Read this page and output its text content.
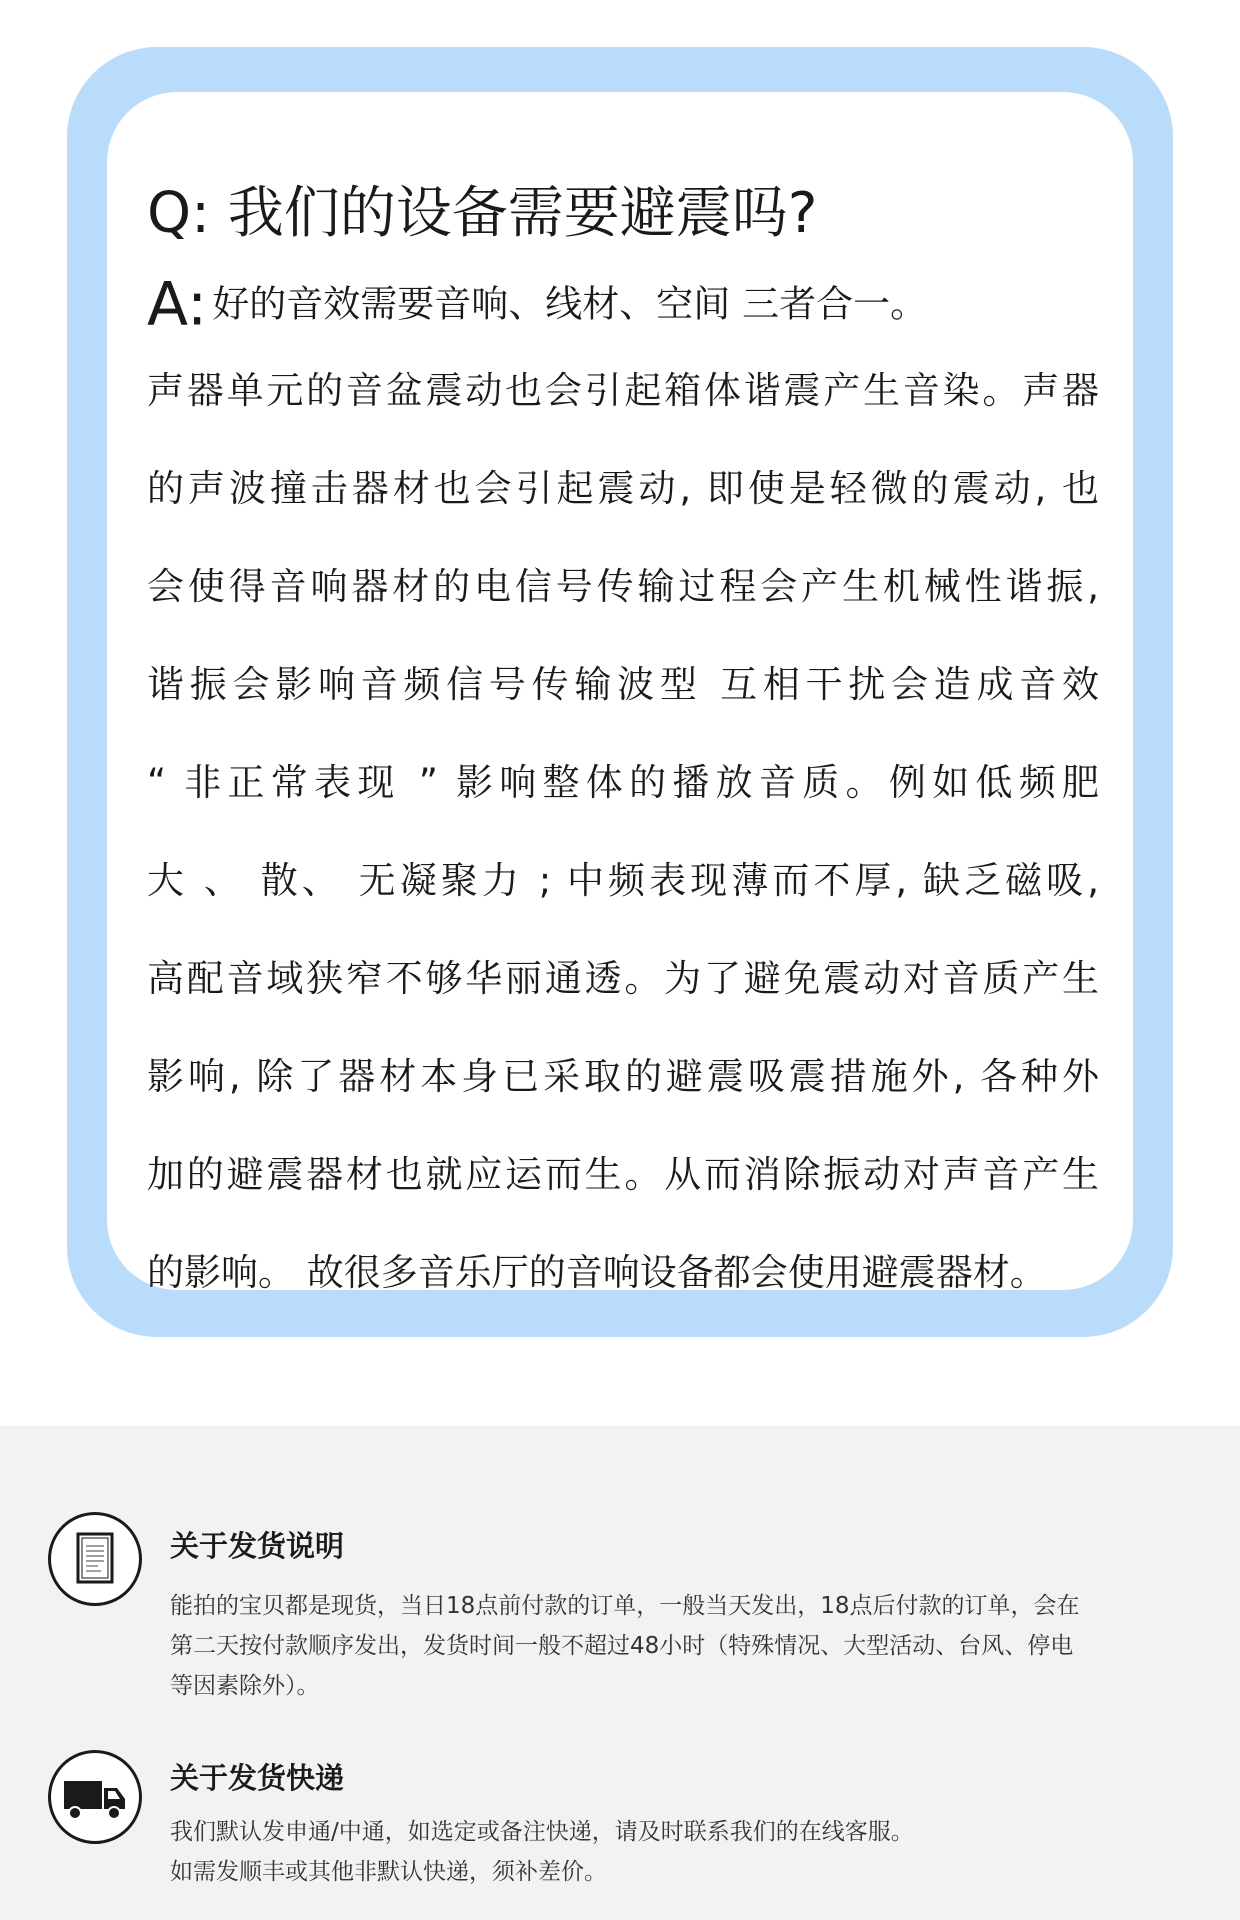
Q: 我们的设备需要避震吗?
A: 好的音效需要音响、线材、空间 三者合一。
声器单元的音盆震动也会引起箱体谐震产生音染。声器
的声波撞击器材也会引起震动, 即使是轻微的震动, 也
会使得音响器材的电信号传输过程会产生机械性谐振,
谐振会影响音频信号传输波型 互相干扰会造成音效
“ 非正常表现 ” 影响整体的播放音质。例如低频肥
大 、 散、 无凝聚力 ; 中频表现薄而不厚, 缺乏磁吸,
高配音域狭窄不够华丽通透。为了避免震动对音质产生
影响, 除了器材本身已采取的避震吸震措施外, 各种外
加的避震器材也就应运而生。从而消除振动对声音产生
的影响。 故很多音乐厅的音响设备都会使用避震器材。
关于发货说明
能拍的宝贝都是现货，当日18点前付款的订单，一般当天发出，18点后付款的订单，会在
第二天按付款顺序发出，发货时间一般不超过48小时（特殊情况、大型活动、台风、停电
等因素除外）。
关于发货快递
我们默认发申通/中通，如选定或备注快递，请及时联系我们的在线客服。
如需发顺丰或其他非默认快递，须补差价。
